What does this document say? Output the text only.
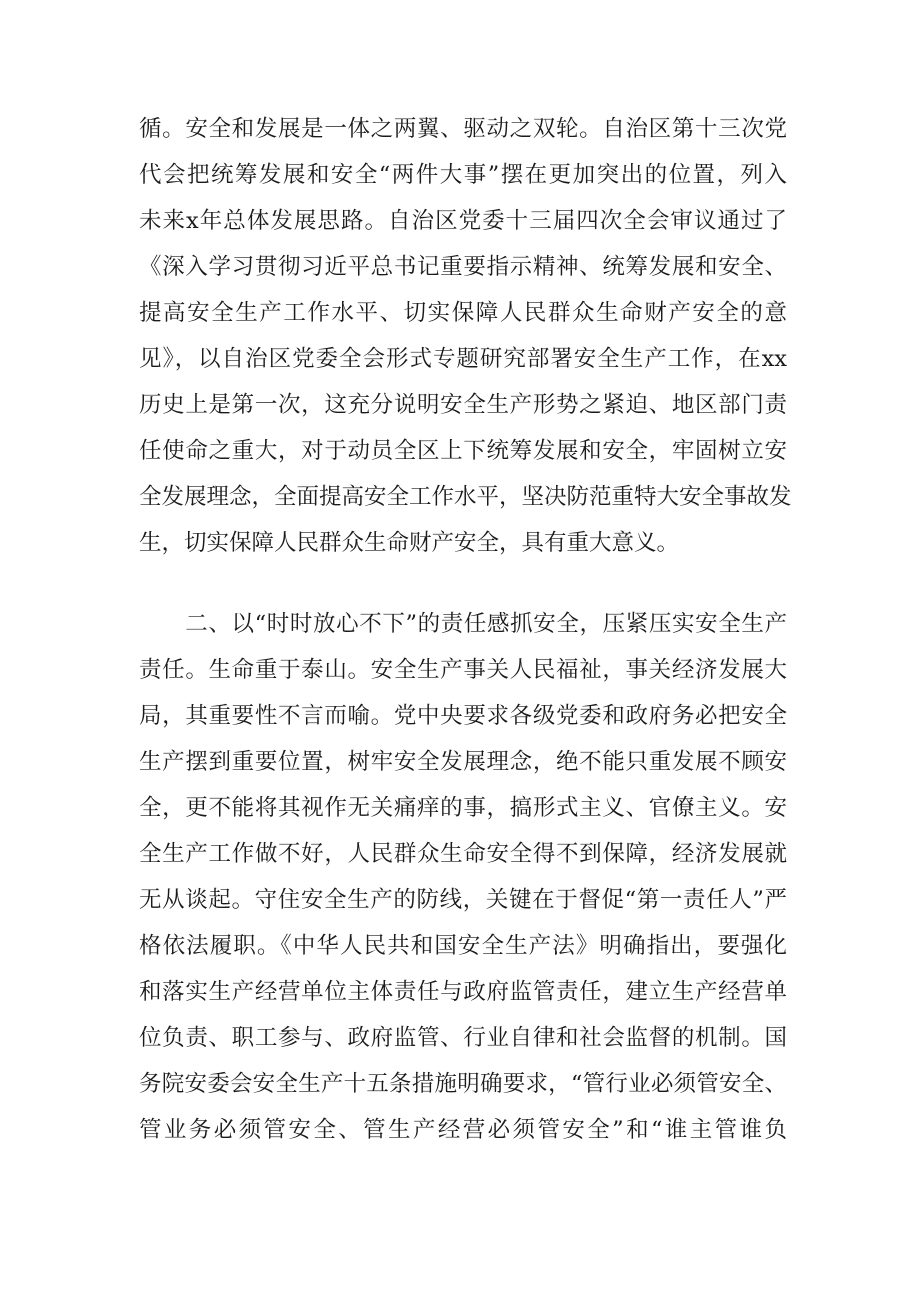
循。安全和发展是一体之两翼、驱动之双轮。自治区第十三次党
代会把统筹发展和安全“两件大事”摆在更加突出的位置，列入
未来x年总体发展思路。自治区党委十三届四次全会审议通过了
《深入学习贯彻习近平总书记重要指示精神、统筹发展和安全、
提高安全生产工作水平、切实保障人民群众生命财产安全的意
见》，以自治区党委全会形式专题研究部署安全生产工作，在xx
历史上是第一次，这充分说明安全生产形势之紧迫、地区部门责
任使命之重大，对于动员全区上下统筹发展和安全，牢固树立安
全发展理念，全面提高安全工作水平，坚决防范重特大安全事故发
生，切实保障人民群众生命财产安全，具有重大意义。
　　二、以“时时放心不下”的责任感抓安全，压紧压实安全生产
责任。生命重于泰山。安全生产事关人民福祉，事关经济发展大
局，其重要性不言而喻。党中央要求各级党委和政府务必把安全
生产摆到重要位置，树牢安全发展理念，绝不能只重发展不顾安
全，更不能将其视作无关痛痒的事，搞形式主义、官僚主义。安
全生产工作做不好，人民群众生命安全得不到保障，经济发展就
无从谈起。守住安全生产的防线，关键在于督促“第一责任人”严
格依法履职。《中华人民共和国安全生产法》明确指出，要强化
和落实生产经营单位主体责任与政府监管责任，建立生产经营单
位负责、职工参与、政府监管、行业自律和社会监督的机制。国
务院安委会安全生产十五条措施明确要求，“管行业必须管安全、
管业务必须管安全、管生产经营必须管安全”和“谁主管谁负
